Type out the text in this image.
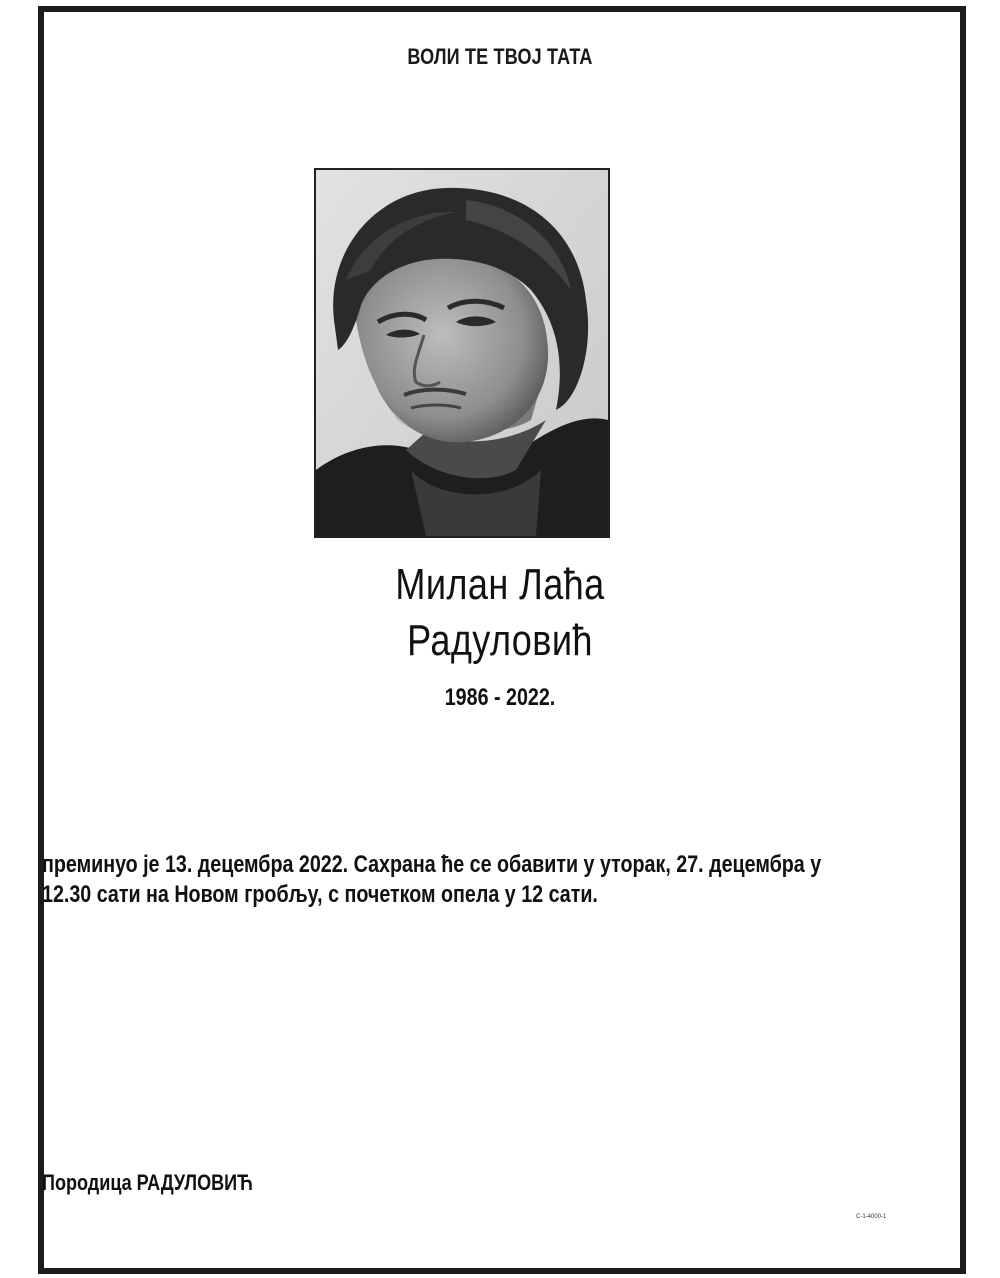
ВОЛИ ТЕ ТВОЈ ТАТА
Милан Лаћа
Радуловић
1986 - 2022.
преминуо је 13. децембра 2022. Сахрана ће се обавити у уторак, 27. децембра у
12.30 сати на Новом гробљу, с почетком опела у 12 сати.
Породица РАДУЛОВИЋ
C-1-4000-1
